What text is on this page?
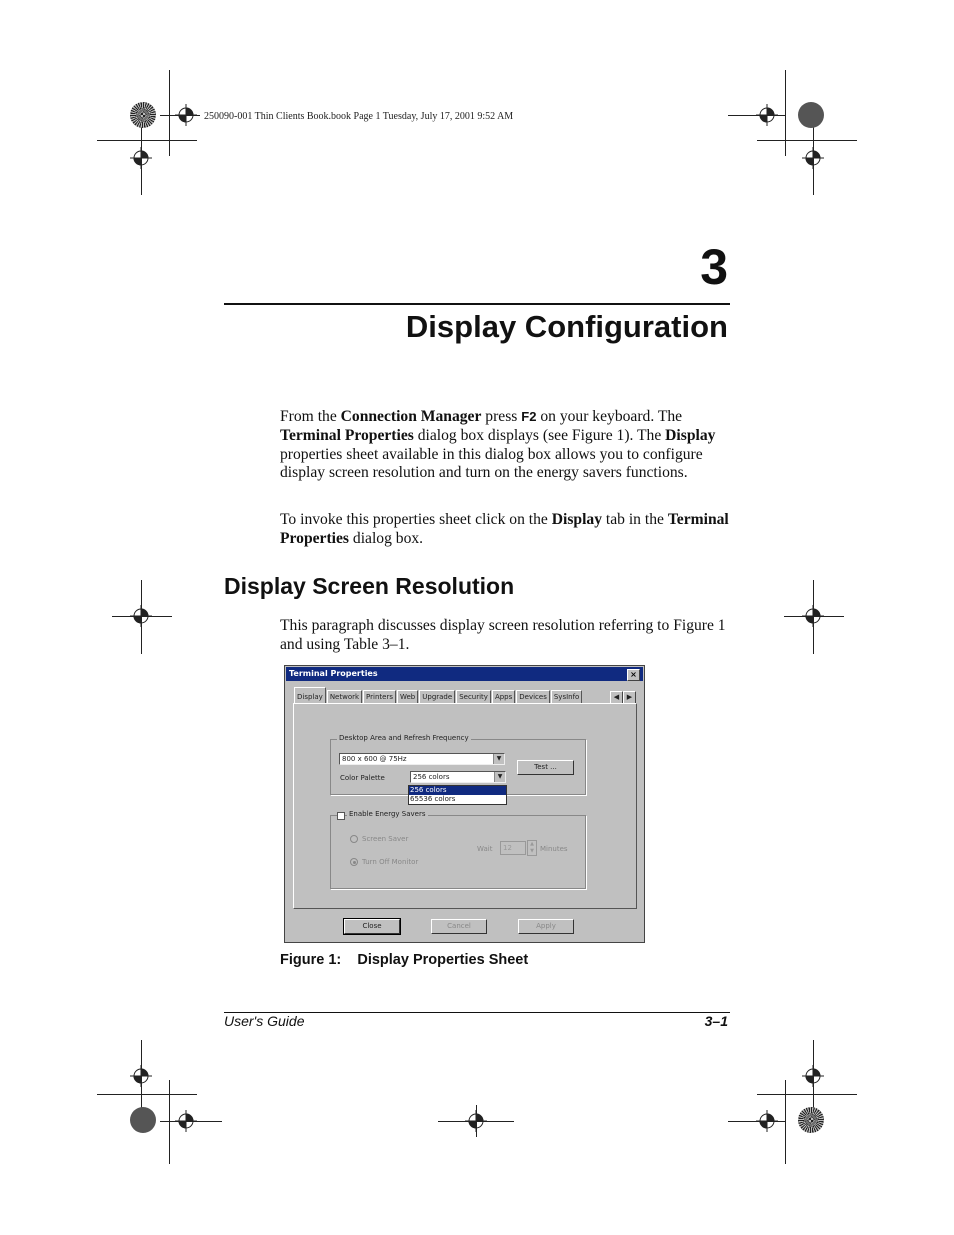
250090-001 Thin Clients Book.book Page 1 Tuesday, July 17, 2001 9:52 AM
3
Display Configuration
From the Connection Manager press F2 on your keyboard. The Terminal Properties dialog box displays (see Figure 1). The Display properties sheet available in this dialog box allows you to configure display screen resolution and turn on the energy savers functions.
To invoke this properties sheet click on the Display tab in the Terminal Properties dialog box.
Display Screen Resolution
This paragraph discusses display screen resolution referring to Figure 1 and using Table 3–1.
Terminal Properties	×
Display	Network	Printers	Web	Upgrade	Security	Apps	Devices	SysInfo	◀	▶
Desktop Area and Refresh Frequency
800 x 600 @ 75Hz	▼
Color Palette	256 colors	▼
Test ...
256 colors
65536 colors
Enable Energy Savers
Screen Saver
Turn Off Monitor
Wait	12	▲
▼ Minutes
Close	Cancel	Apply
Figure 1:    Display Properties Sheet
User's Guide	3–1
